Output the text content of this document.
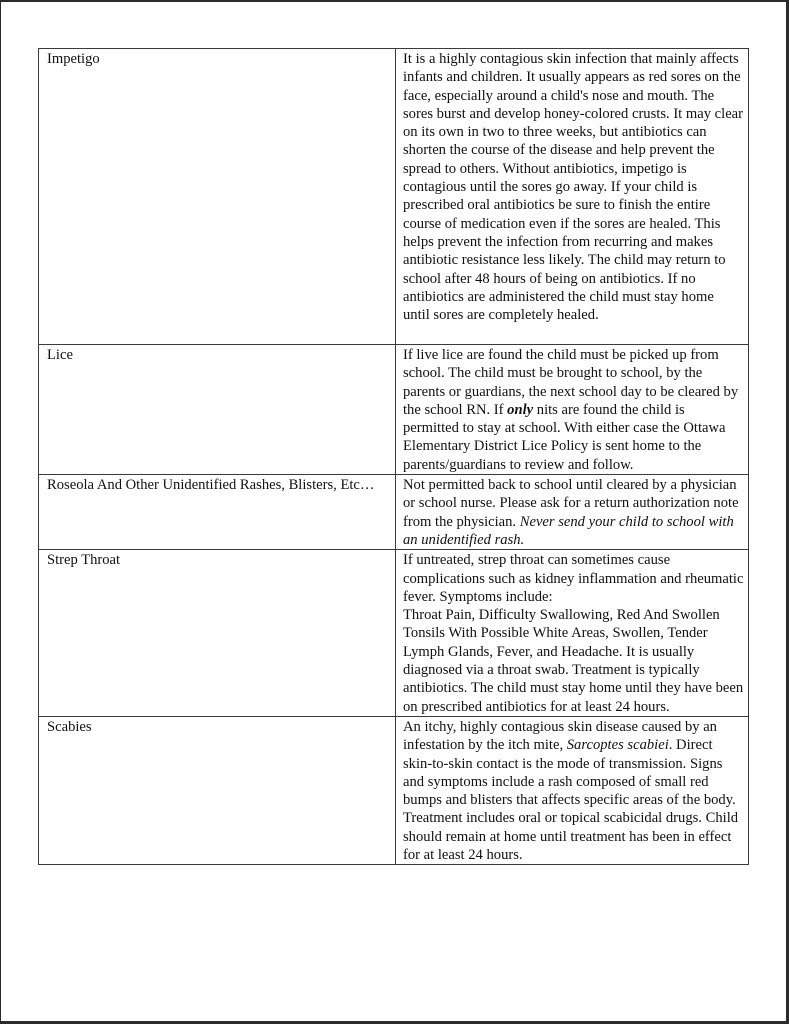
Impetigo	It is a highly contagious skin infection that mainly affects infants and children. It usually appears as red sores on the face, especially around a child's nose and mouth. The sores burst and develop honey-colored crusts. It may clear on its own in two to three weeks, but antibiotics can shorten the course of the disease and help prevent the spread to others. Without antibiotics, impetigo is contagious until the sores go away. If your child is prescribed oral antibiotics be sure to finish the entire course of medication even if the sores are healed. This helps prevent the infection from recurring and makes antibiotic resistance less likely. The child may return to school after 48 hours of being on antibiotics. If no antibiotics are administered the child must stay home until sores are completely healed.
Lice	If live lice are found the child must be picked up from school. The child must be brought to school, by the parents or guardians, the next school day to be cleared by the school RN. If only nits are found the child is permitted to stay at school. With either case the Ottawa Elementary District Lice Policy is sent home to the parents/guardians to review and follow.
Roseola And Other Unidentified Rashes, Blisters, Etc…	Not permitted back to school until cleared by a physician or school nurse. Please ask for a return authorization note from the physician. Never send your child to school with an unidentified rash.
Strep Throat	If untreated, strep throat can sometimes cause complications such as kidney inflammation and rheumatic fever. Symptoms include:
Throat Pain, Difficulty Swallowing, Red And Swollen Tonsils With Possible White Areas, Swollen, Tender Lymph Glands, Fever, and Headache. It is usually diagnosed via a throat swab. Treatment is typically antibiotics. The child must stay home until they have been on prescribed antibiotics for at least 24 hours.

Scabies	An itchy, highly contagious skin disease caused by an infestation by the itch mite, Sarcoptes scabiei. Direct skin-to-skin contact is the mode of transmission. Signs and symptoms include a rash composed of small red bumps and blisters that affects specific areas of the body. Treatment includes oral or topical scabicidal drugs. Child should remain at home until treatment has been in effect for at least 24 hours.
